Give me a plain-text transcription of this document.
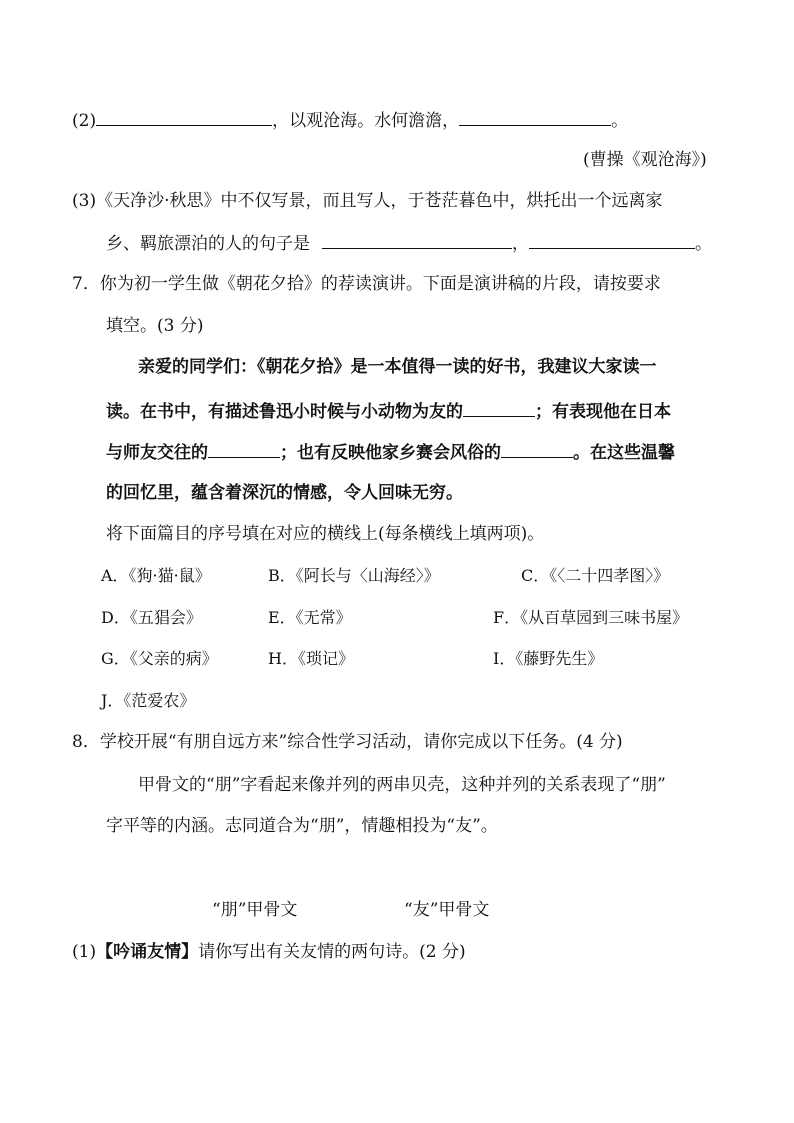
(2)	，以观沧海。水何澹澹，	。
(曹操《观沧海》)
(3)《天净沙·秋思》中不仅写景，而且写人，于苍茫暮色中，烘托出一个远离家
乡、羁旅漂泊的人的句子是	，	。
7．你为初一学生做《朝花夕拾》的荐读演讲。下面是演讲稿的片段，请按要求
填空。(3 分)
亲爱的同学们：《朝花夕拾》是一本值得一读的好书，我建议大家读一
读。在书中，有描述鲁迅小时候与小动物为友的	；有表现他在日本
与师友交往的	；也有反映他家乡赛会风俗的	。在这些温馨
的回忆里，蕴含着深沉的情感，令人回味无穷。
将下面篇目的序号填在对应的横线上(每条横线上填两项)。
A．《狗·猫·鼠》	B．《阿长与〈山海经〉》	C．《〈二十四孝图〉》
D．《五猖会》	E．《无常》	F．《从百草园到三味书屋》
G．《父亲的病》	H．《琐记》	I．《藤野先生》
J．《范爱农》
8．学校开展“有朋自远方来”综合性学习活动，请你完成以下任务。(4 分)
甲骨文的“朋”字看起来像并列的两串贝壳，这种并列的关系表现了“朋”
字平等的内涵。志同道合为“朋”，情趣相投为“友”。
“朋”甲骨文	“友”甲骨文
(1)【吟诵友情】请你写出有关友情的两句诗。(2 分)
